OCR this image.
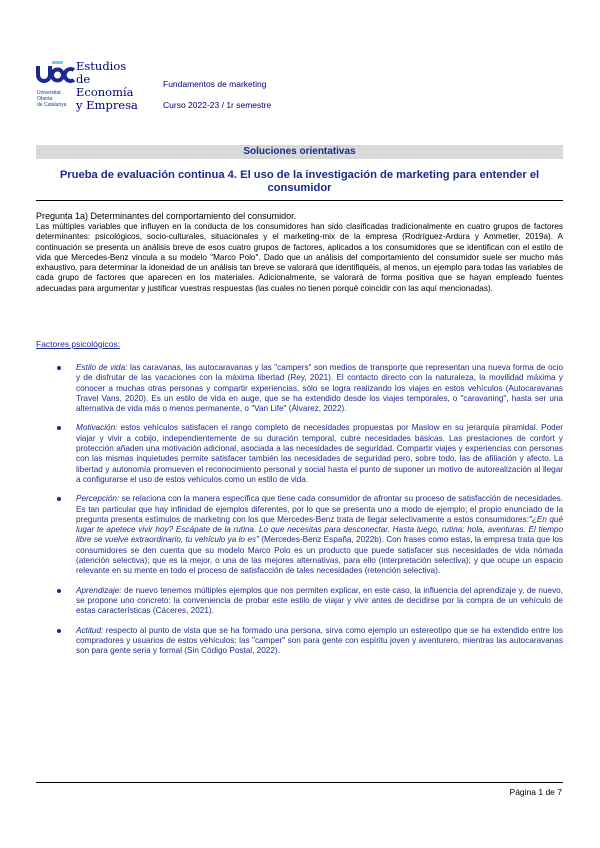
Universitat
Oberta
de Catalunya
Estudios
de Economía
y Empresa
Fundamentos de marketing
Curso 2022-23 / 1r semestre
Soluciones orientativas
Prueba de evaluación continua 4. El uso de la investigación de marketing para entender el consumidor
Pregunta 1a) Determinantes del comportamiento del consumidor.

Las múltiples variables que influyen en la conducta de los consumidores han sido clasificadas tradicionalmente en cuatro grupos de factores determinantes: psicológicos, socio-culturales, situacionales y el marketing-mix de la empresa (Rodríguez-Ardura y Ammetler, 2019a). A continuación se presenta un análisis breve de esos cuatro grupos de factores, aplicados a los consumidores que se identifican con el estilo de vida que Mercedes-Benz vincula a su modelo "Marco Polo". Dado que un análisis del comportamiento del consumidor suele ser mucho más exhaustivo, para determinar la idoneidad de un análisis tan breve se valorará que identifiquéis, al menos, un ejemplo para todas las variables de cada grupo de factores que aparecen en los materiales. Adicionalmente, se valorará de forma positiva que se hayan empleado fuentes adecuadas para argumentar y justificar vuestras respuestas (las cuales no tienen porqué coincidir con las aquí mencionadas).

Factores psicológicos:
Estilo de vida: las caravanas, las autocaravanas y las "campers" son medios de transporte que representan una nueva forma de ocio y de disfrutar de las vacaciones con la máxima libertad (Rey, 2021). El contacto directo con la naturaleza, la movilidad máxima y conocer a muchas otras personas y compartir experiencias, sólo se logra realizando los viajes en estos vehículos (Autocaravanas Travel Vans, 2020). Es un estilo de vida en auge, que se ha extendido desde los viajes temporales, o "caravaning", hasta ser una alternativa de vida más o menos permanente, o "Van Life" (Álvarez, 2022).
Motivación: estos vehículos satisfacen el rango completo de necesidades propuestas por Maslow en su jerarquía piramidal. Poder viajar y vivir a cobijo, independientemente de su duración temporal, cubre necesidades básicas. Las prestaciones de confort y protección añaden una motivación adicional, asociada a las necesidades de seguridad. Compartir viajes y experiencias con personas con las mismas inquietudes permite satisfacer también las necesidades de seguridad pero, sobre todo, las de afiliación y afecto. La libertad y autonomía promueven el reconocimiento personal y social hasta el punto de suponer un motivo de autorealización al llegar a configurarse el uso de estos vehículos como un estilo de vida.
Percepción: se relaciona con la manera específica que tiene cada consumidor de afrontar su proceso de satisfacción de necesidades. Es tan particular que hay infinidad de ejemplos diferentes, por lo que se presenta uno a modo de ejemplo; el propio enunciado de la pregunta presenta estímulos de marketing con los que Mercedes-Benz trata de llegar selectivamente a estos consumidores:"¿En qué lugar te apetece vivir hoy? Escápate de la rutina. Lo que necesitas para desconectar. Hasta luego, rutina; hola, aventuras. El tiempo libre se vuelve extraordinario, tu vehículo ya lo es" (Mercedes-Benz España, 2022b). Con frases como estas, la empresa trata que los consumidores se den cuenta que su modelo Marco Polo es un producto que puede satisfacer sus necesidades de vida nómada (atención selectiva); que es la mejor, o una de las mejores alternativas, para ello (interpretación selectiva); y que ocupe un espacio relevante en su mente en todo el proceso de satisfacción de tales necesidades (retención selectiva).
Aprendizaje: de nuevo tenemos múltiples ejemplos que nos permiten explicar, en este caso, la influencia del aprendizaje y, de nuevo, se propone uno concreto: la conveniencia de probar este estilo de viajar y vivir antes de decidirse por la compra de un vehículo de estas características (Cáceres, 2021).
Actitud: respecto al punto de vista que se ha formado una persona, sirva como ejemplo un estereotipo que se ha extendido entre los compradores y usuarios de estos vehículos: las "camper" son para gente con espíritu joven y aventurero, mientras las autocaravanas son para gente seria y formal (Sin Código Postal, 2022).
Página 1 de 7
